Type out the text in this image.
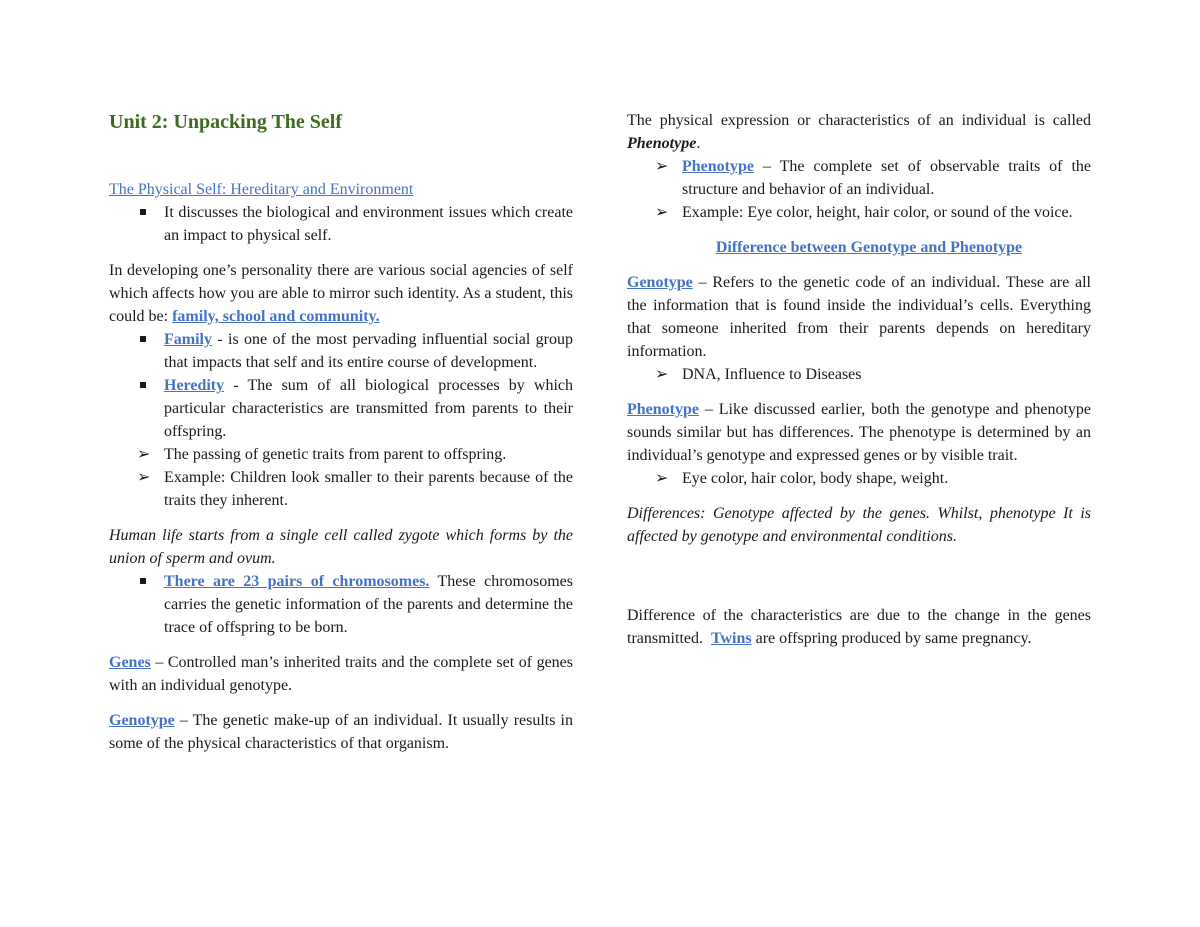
Unit 2: Unpacking The Self

The Physical Self: Hereditary and Environment

It discusses the biological and environment issues which create an impact to physical self.

In developing one’s personality there are various social agencies of self which affects how you are able to mirror such identity. As a student, this could be: family, school and community.

Family - is one of the most pervading influential social group that impacts that self and its entire course of development.
Heredity - The sum of all biological processes by which particular characteristics are transmitted from parents to their offspring.
➢ The passing of genetic traits from parent to offspring.
➢ Example: Children look smaller to their parents because of the traits they inherent.

Human life starts from a single cell called zygote which forms by the union of sperm and ovum.

There are 23 pairs of chromosomes. These chromosomes carries the genetic information of the parents and determine the trace of offspring to be born.

Genes – Controlled man’s inherited traits and the complete set of genes with an individual genotype.

Genotype – The genetic make-up of an individual. It usually results in some of the physical characteristics of that organism.

The physical expression or characteristics of an individual is called Phenotype.

➢ Phenotype – The complete set of observable traits of the structure and behavior of an individual.
➢ Example: Eye color, height, hair color, or sound of the voice.

Difference between Genotype and Phenotype

Genotype – Refers to the genetic code of an individual. These are all the information that is found inside the individual’s cells. Everything that someone inherited from their parents depends on hereditary information.

➢ DNA, Influence to Diseases

Phenotype – Like discussed earlier, both the genotype and phenotype sounds similar but has differences. The phenotype is determined by an individual’s genotype and expressed genes or by visible trait.

➢ Eye color, hair color, body shape, weight.

Differences: Genotype affected by the genes. Whilst, phenotype It is affected by genotype and environmental conditions.

Difference of the characteristics are due to the change in the genes transmitted.  Twins are offspring produced by same pregnancy.
